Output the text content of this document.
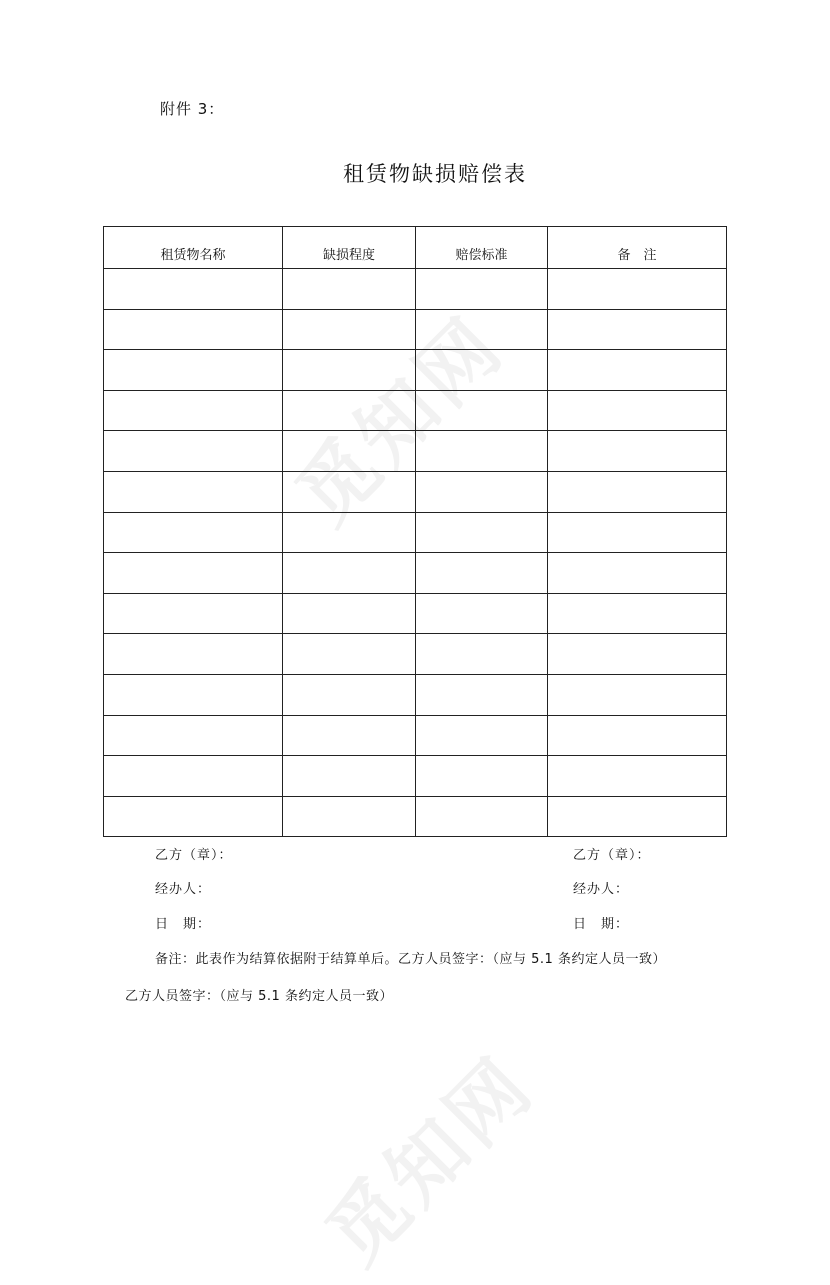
觅知网
觅知网
附件 3：
租赁物缺损赔偿表
租赁物名称	缺损程度	赔偿标准	备　注

乙方（章）：
经办人：
日　期：
乙方（章）：
经办人：
日　期：
备注：此表作为结算依据附于结算单后。乙方人员签字：（应与 5.1 条约定人员一致）
乙方人员签字：（应与 5.1 条约定人员一致）
